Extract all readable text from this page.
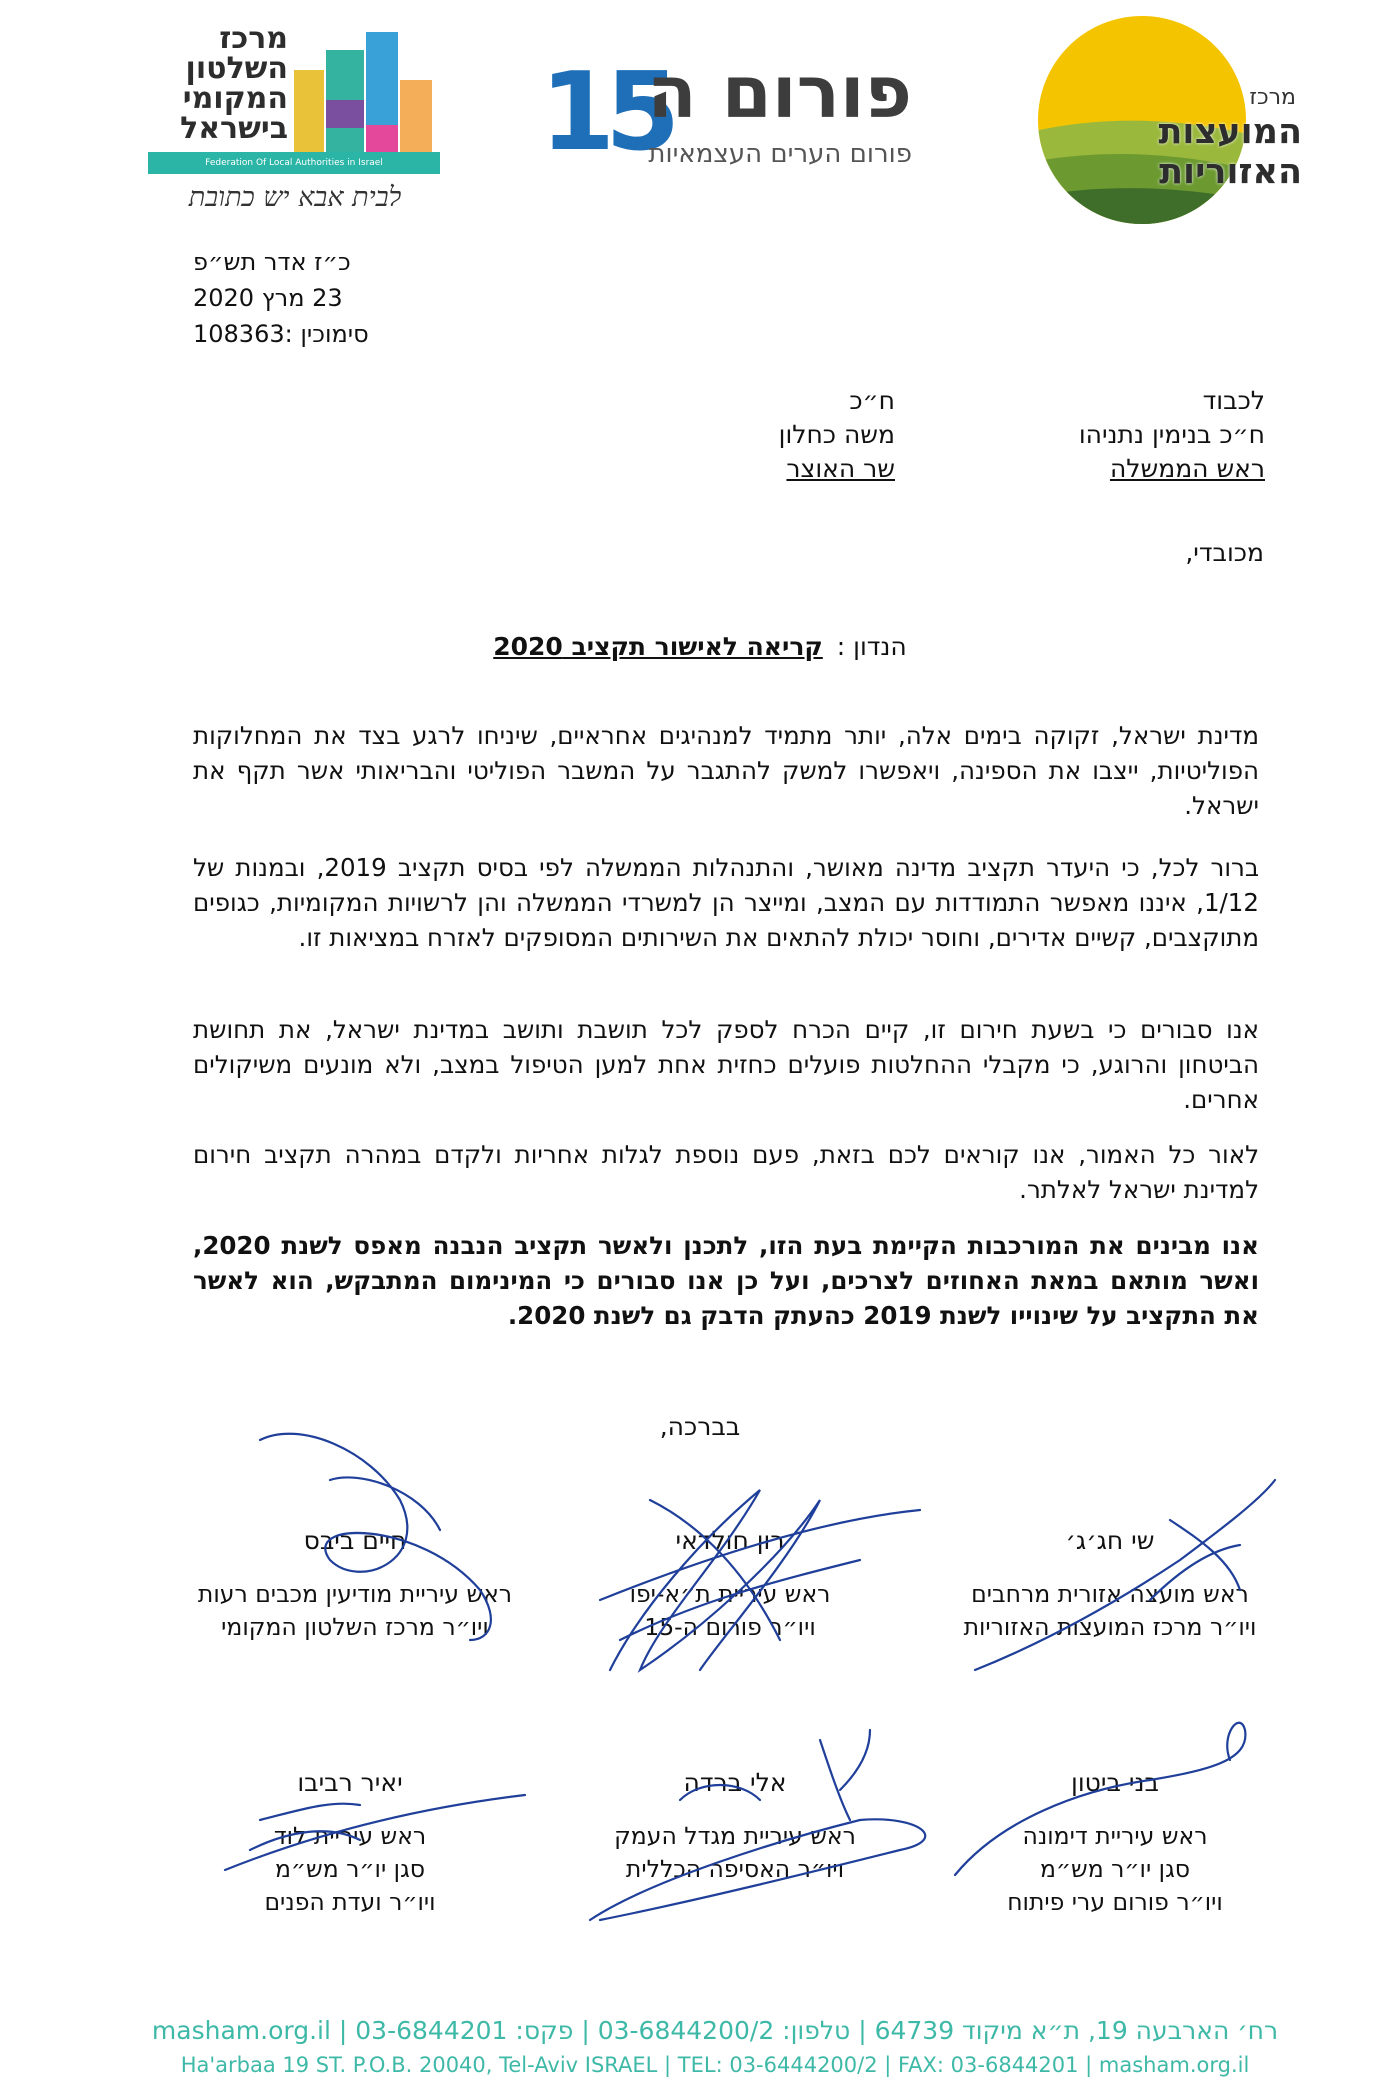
מרכז
השלטון
המקומי
בישראל
Federation Of Local Authorities in Israel
לבית אבא יש כתובת
15
פורום ה
פורום הערים העצמאיות
מרכז
המועצות האזוריות
כ״ז אדר תש״פ
23 מרץ 2020
סימוכין :108363
לכבוד
ח״כ בנימין נתניהו
ראש הממשלה
ח״כ
משה כחלון
שר האוצר
מכובדי,
הנדון : קריאה לאישור תקציב 2020
מדינת ישראל, זקוקה בימים אלה, יותר מתמיד למנהיגים אחראיים, שיניחו לרגע בצד את המחלוקות הפוליטיות, ייצבו את הספינה, ויאפשרו למשק להתגבר על המשבר הפוליטי והבריאותי אשר תקף את ישראל.
ברור לכל, כי היעדר תקציב מדינה מאושר, והתנהלות הממשלה לפי בסיס תקציב 2019, ובמנות של 1/12, איננו מאפשר התמודדות עם המצב, ומייצר הן למשרדי הממשלה והן לרשויות המקומיות, כגופים מתוקצבים, קשיים אדירים, וחוסר יכולת להתאים את השירותים המסופקים לאזרח במציאות זו.
אנו סבורים כי בשעת חירום זו, קיים הכרח לספק לכל תושבת ותושב במדינת ישראל, את תחושת הביטחון והרוגע, כי מקבלי ההחלטות פועלים כחזית אחת למען הטיפול במצב, ולא מונעים משיקולים אחרים.
לאור כל האמור, אנו קוראים לכם בזאת, פעם נוספת לגלות אחריות ולקדם במהרה תקציב חירום למדינת ישראל לאלתר.
אנו מבינים את המורכבות הקיימת בעת הזו, לתכנן ולאשר תקציב הנבנה מאפס לשנת 2020, ואשר מותאם במאת האחוזים לצרכים, ועל כן אנו סבורים כי המינימום המתבקש, הוא לאשר את התקציב על שינוייו לשנת 2019 כהעתק הדבק גם לשנת 2020.
בברכה,
חיים ביבס
ראש עיריית מודיעין מכבים רעות
ויו״ר מרכז השלטון המקומי
רון חולדאי
ראש עיריית ת״א-יפו
ויו״ר פורום ה-15
שי חג׳ג׳
ראש מועצה אזורית מרחבים
ויו״ר מרכז המועצות האזוריות
יאיר רביבו
ראש עיריית לוד
סגן יו״ר מש״מ
ויו״ר ועדת הפנים
אלי ברדה
ראש עיריית מגדל העמק
ויו״ר האסיפה הכללית
בני ביטון
ראש עיריית דימונה
סגן יו״ר מש״מ
ויו״ר פורום ערי פיתוח
רח׳ הארבעה 19, ת״א מיקוד 64739 | טלפון: 03-6844200/2 | פקס: 03-6844201 | masham.org.il
Ha'arbaa 19 ST. P.O.B. 20040, Tel-Aviv ISRAEL | TEL: 03-6444200/2 | FAX: 03-6844201 | masham.org.il
